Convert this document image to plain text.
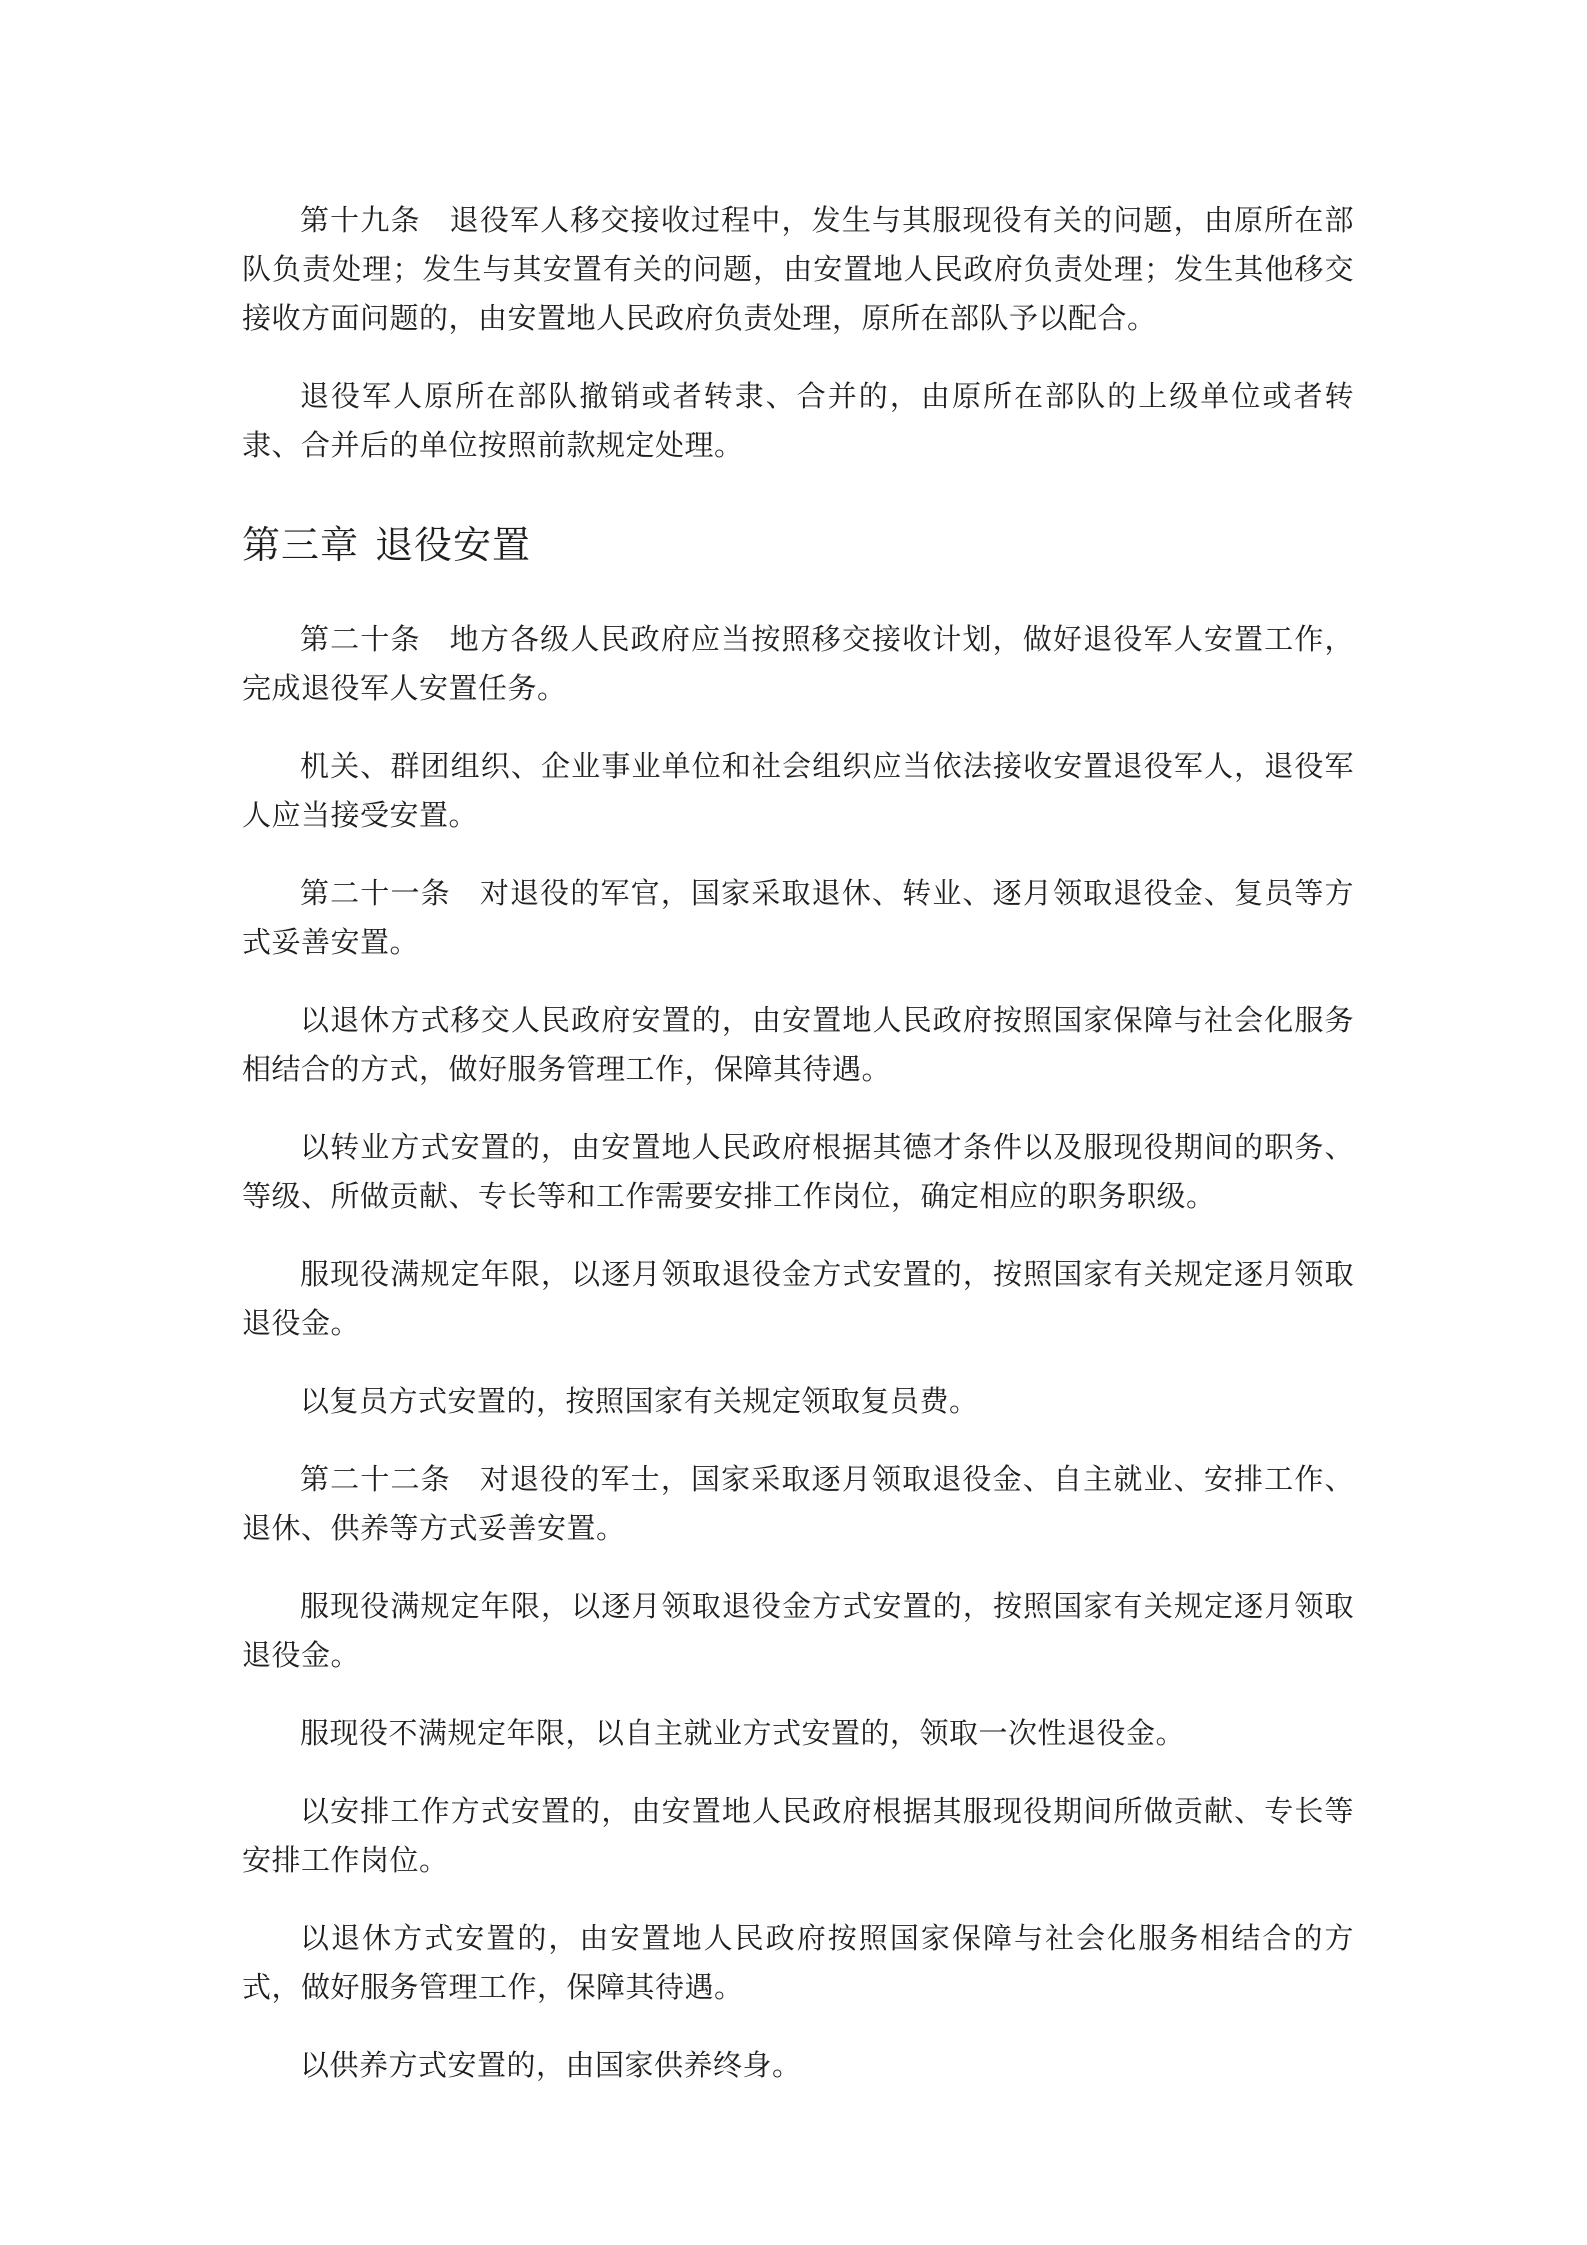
第十九条 退役军人移交接收过程中，发生与其服现役有关的问题，由原所在部队负责处理；发生与其安置有关的问题，由安置地人民政府负责处理；发生其他移交接收方面问题的，由安置地人民政府负责处理，原所在部队予以配合。

退役军人原所在部队撤销或者转隶、合并的，由原所在部队的上级单位或者转隶、合并后的单位按照前款规定处理。

第三章 退役安置

第二十条 地方各级人民政府应当按照移交接收计划，做好退役军人安置工作，完成退役军人安置任务。

机关、群团组织、企业事业单位和社会组织应当依法接收安置退役军人，退役军人应当接受安置。

第二十一条 对退役的军官，国家采取退休、转业、逐月领取退役金、复员等方式妥善安置。

以退休方式移交人民政府安置的，由安置地人民政府按照国家保障与社会化服务相结合的方式，做好服务管理工作，保障其待遇。

以转业方式安置的，由安置地人民政府根据其德才条件以及服现役期间的职务、等级、所做贡献、专长等和工作需要安排工作岗位，确定相应的职务职级。

服现役满规定年限，以逐月领取退役金方式安置的，按照国家有关规定逐月领取退役金。

以复员方式安置的，按照国家有关规定领取复员费。

第二十二条 对退役的军士，国家采取逐月领取退役金、自主就业、安排工作、退休、供养等方式妥善安置。

服现役满规定年限，以逐月领取退役金方式安置的，按照国家有关规定逐月领取退役金。

服现役不满规定年限，以自主就业方式安置的，领取一次性退役金。

以安排工作方式安置的，由安置地人民政府根据其服现役期间所做贡献、专长等安排工作岗位。

以退休方式安置的，由安置地人民政府按照国家保障与社会化服务相结合的方式，做好服务管理工作，保障其待遇。

以供养方式安置的，由国家供养终身。
